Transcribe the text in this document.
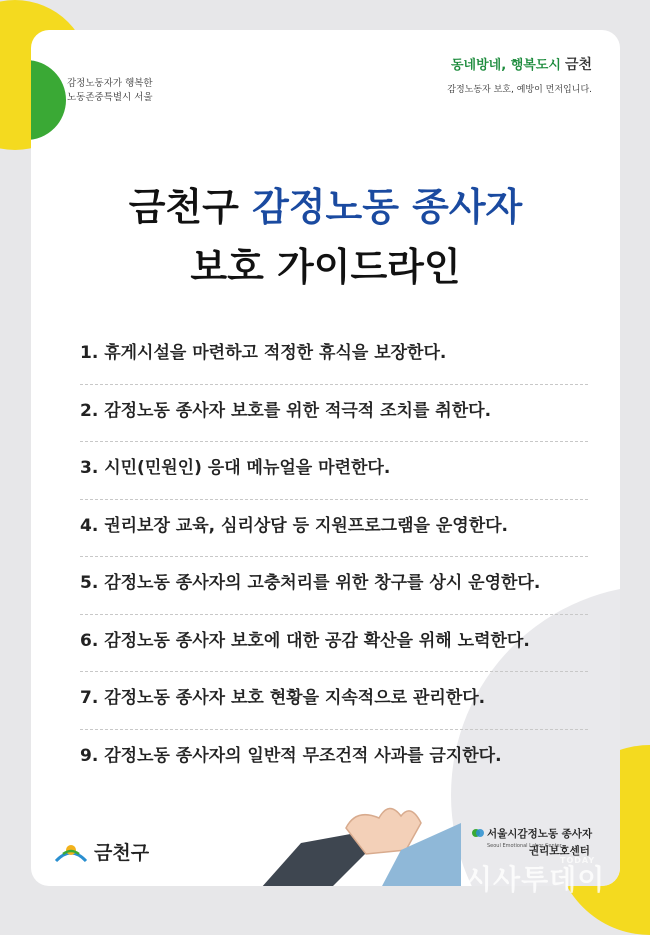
감정노동자가 행복한
노동존중특별시 서울
동네방네, 행복도시 금천
감정노동자 보호, 예방이 먼저입니다.
금천구 감정노동 종사자
보호 가이드라인
1. 휴게시설을 마련하고 적정한 휴식을 보장한다.
2. 감정노동 종사자 보호를 위한 적극적 조치를 취한다.
3. 시민(민원인) 응대 메뉴얼을 마련한다.
4. 권리보장 교육, 심리상담 등 지원프로그램을 운영한다.
5. 감정노동 종사자의 고충처리를 위한 창구를 상시 운영한다.
6. 감정노동 종사자 보호에 대한 공감 확산을 위해 노력한다.
7. 감정노동 종사자 보호 현황을 지속적으로 관리한다.
9. 감정노동 종사자의 일반적 무조건적 사과를 금지한다.
금천구
서울시감정노동 종사자
Seoul Emotional Labor Center
권리보호센터
시사투데이
TODAY
